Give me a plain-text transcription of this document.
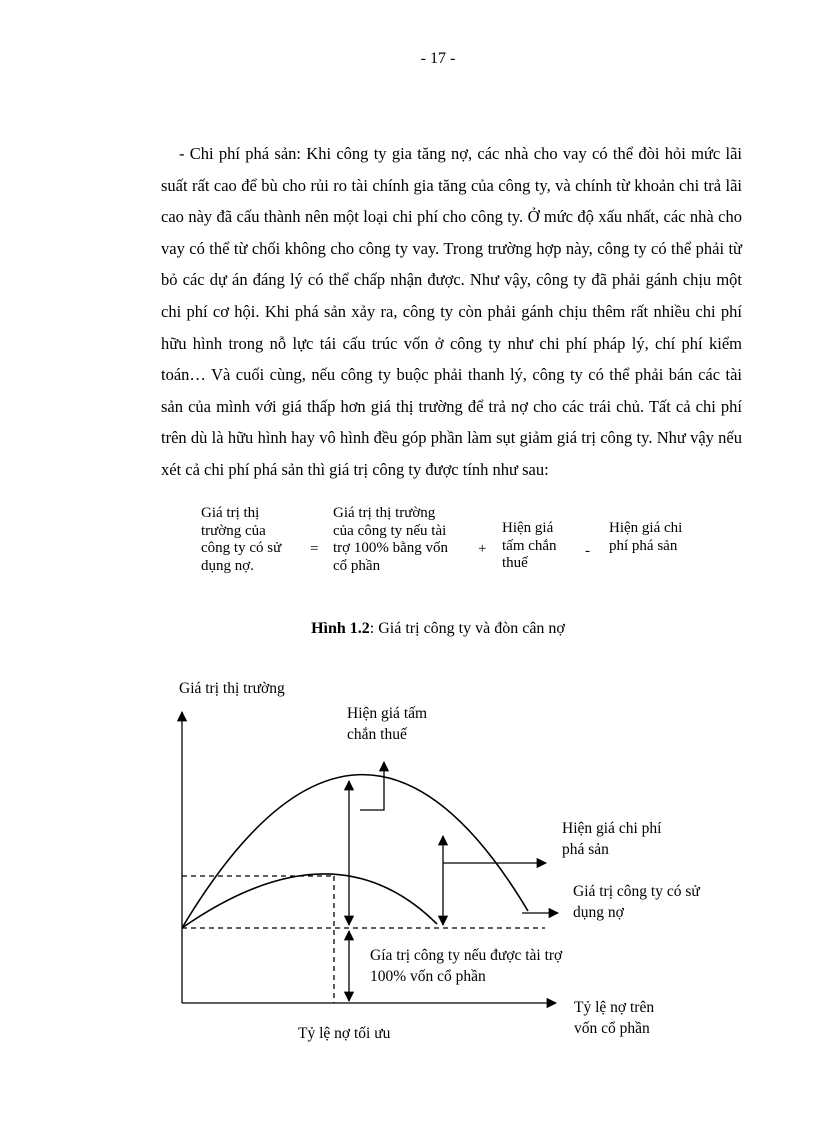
- 17 -

- Chi phí phá sản: Khi công ty gia tăng nợ, các nhà cho vay có thể đòi hỏi mức lãi suất rất cao để bù cho rủi ro tài chính gia tăng của công ty, và chính từ khoản chi trả lãi cao này đã cấu thành nên một loại chi phí cho công ty. Ở mức độ xấu nhất, các nhà cho vay có thể từ chối không cho công ty vay. Trong trường hợp này, công ty có thể phải từ bỏ các dự án đáng lý có thể chấp nhận được. Như vậy, công ty đã phải gánh chịu một chi phí cơ hội. Khi phá sản xảy ra, công ty còn phải gánh chịu thêm rất nhiều chi phí hữu hình trong nỗ lực tái cấu trúc vốn ở công ty như chi phí pháp lý, chí phí kiểm toán… Và cuối cùng, nếu công ty buộc phải thanh lý, công ty có thể phải bán các tài sản của mình với giá thấp hơn giá thị trường để trả nợ cho các trái chủ. Tất cả chi phí trên dù là hữu hình hay vô hình đều góp phần làm sụt giảm giá trị công ty. Như vậy nếu xét cả chi phí phá sản thì giá trị công ty được tính như sau:

Giá trị thị
trường của
công ty có sử
dụng nợ.
=
Giá trị thị trường
của công ty nếu tài
trợ 100% bằng vốn
cổ phần
+
Hiện giá
tấm chắn
thuế
-
Hiện giá chi
phí phá sản
Hình 1.2: Giá trị công ty và đòn cân nợ
Giá trị thị trường
Hiện giá tấm
chắn thuế
Hiện giá chi phí
phá sản
Giá trị công ty có sử
dụng nợ
Gía trị công ty nếu được tài trợ
100% vốn cổ phần
Tỷ lệ nợ trên
vốn cổ phần
Tỷ lệ nợ tối ưu
